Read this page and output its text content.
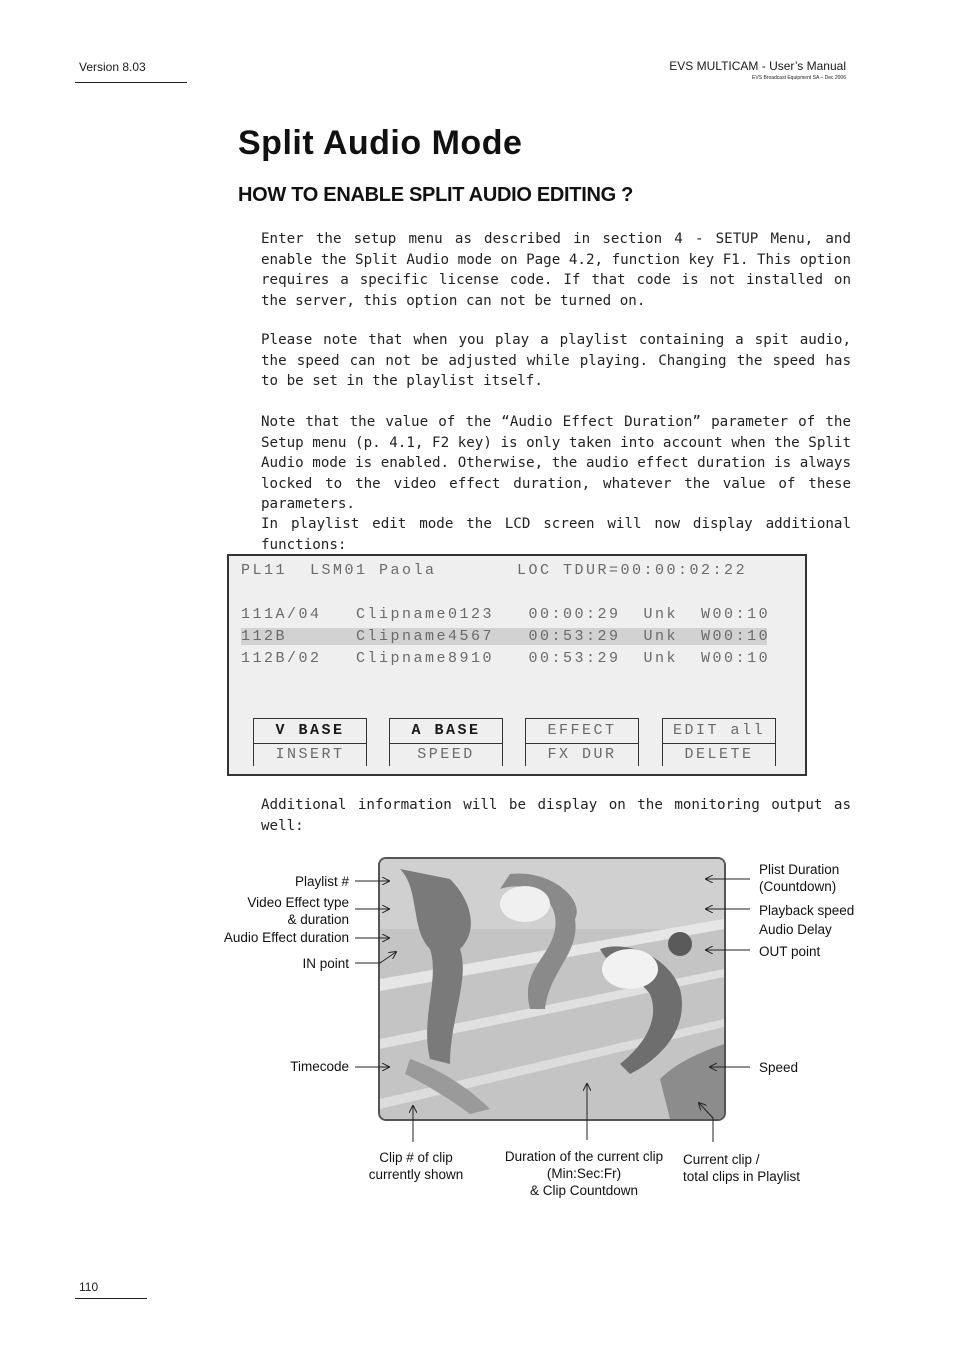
Version 8.03	EVS MULTICAM - User’s Manual
EVS Broadcast Equipment SA – Dec 2006
Split Audio Mode
HOW TO ENABLE SPLIT AUDIO EDITING ?
Enter the setup menu as described in section 4 - SETUP Menu, and enable the Split Audio mode on Page 4.2, function key F1. This option requires a specific license code. If that code is not installed on the server, this option can not be turned on.
Please note that when you play a playlist containing a spit audio, the speed can not be adjusted while playing. Changing the speed has to be set in the playlist itself.
Note that the value of the “Audio Effect Duration” parameter of the Setup menu (p. 4.1, F2 key) is only taken into account when the Split Audio mode is enabled. Otherwise, the audio effect duration is always locked to the video effect duration, whatever the value of these parameters.
In playlist edit mode the LCD screen will now display additional functions:
PL11  LSM01 Paola       LOC TDUR=00:00:02:22
111A/04   Clipname0123   00:00:29  Unk  W00:10
112B      Clipname4567   00:53:29  Unk  W00:10
112B/02   Clipname8910   00:53:29  Unk  W00:10
V BASE
INSERT
A BASE
SPEED
EFFECT
FX DUR
EDIT all
DELETE
Additional information will be display on the monitoring output as well:
Playlist #
Video Effect type
& duration
Audio Effect duration
IN point
Timecode
Plist Duration
(Countdown)
Playback speed
Audio Delay
OUT point
Speed
Clip # of clip
currently shown
Duration of the current clip
(Min:Sec:Fr)
& Clip Countdown
Current clip /
total clips in Playlist
110
